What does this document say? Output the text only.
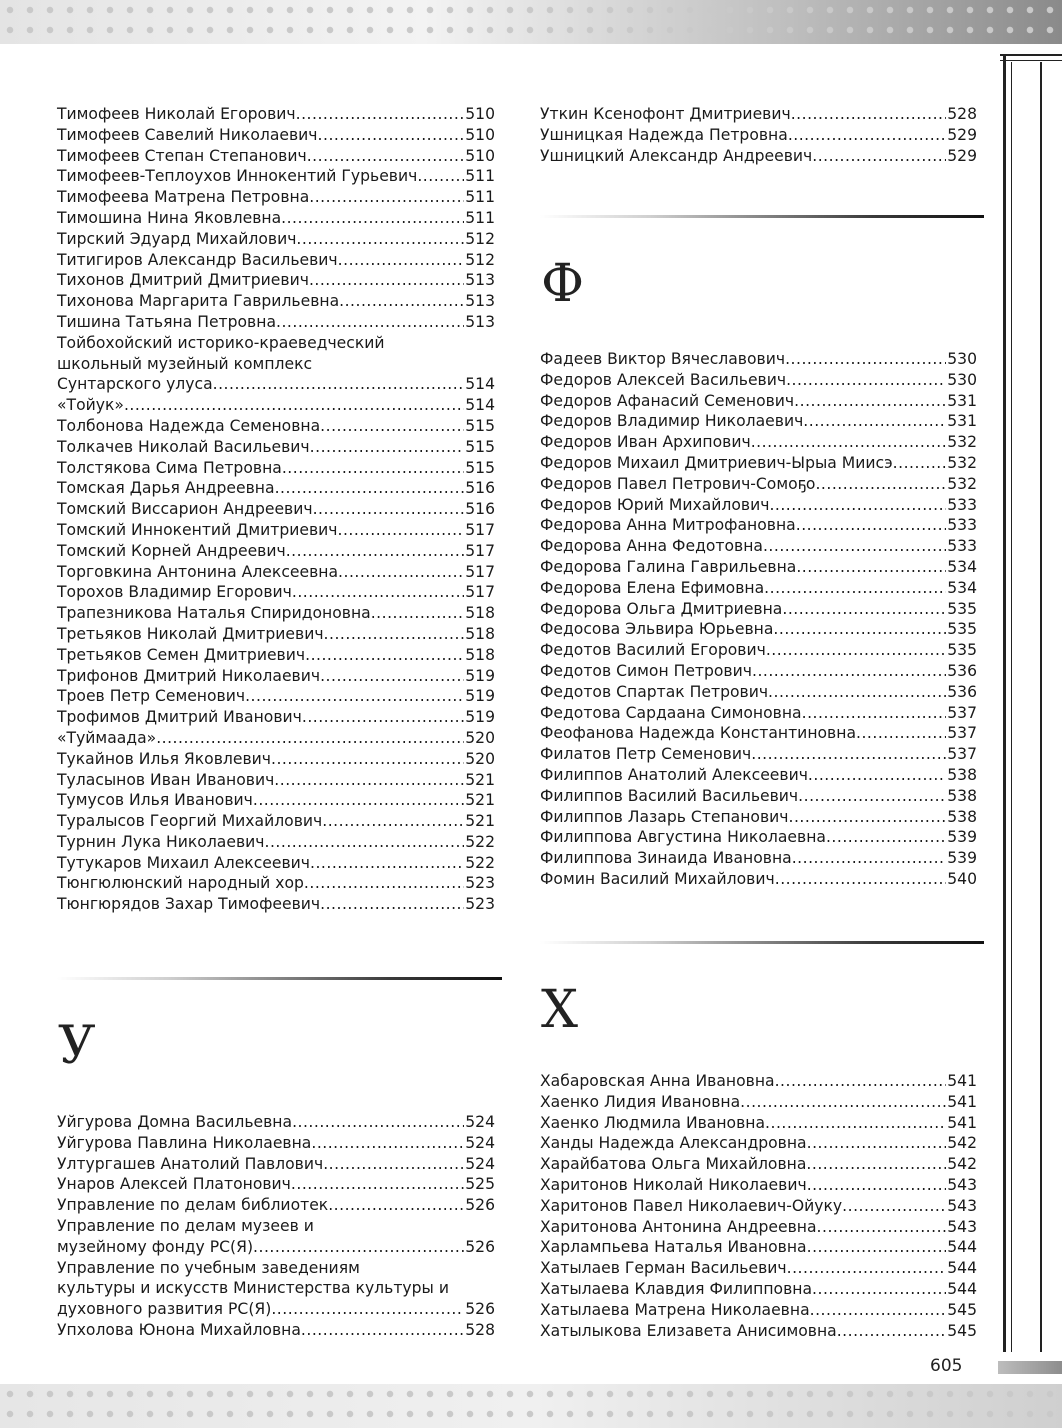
Тимофеев Николай Егорович .....	510
Тимофеев Савелий Николаевич .....	510
Тимофеев Степан Степанович .....	510
Тимофеев-Теплоухов Иннокентий Гурьевич .....	511
Тимофеева Матрена Петровна .....	511
Тимошина Нина Яковлевна .....	511
Тирский Эдуард Михайлович .....	512
Титигиров Александр Васильевич .....	512
Тихонов Дмитрий Дмитриевич .....	513
Тихонова Маргарита Гаврильевна .....	513
Тишина Татьяна Петровна .....	513
Тойбохойский историко-краеведческий
школьный музейный комплекс
Сунтарского улуса .....	514
«Тойук» .....	514
Толбонова Надежда Семеновна .....	515
Толкачев Николай Васильевич .....	515
Толстякова Сима Петровна .....	515
Томская Дарья Андреевна .....	516
Томский Виссарион Андреевич .....	516
Томский Иннокентий Дмитриевич .....	517
Томский Корней Андреевич .....	517
Торговкина Антонина Алексеевна .....	517
Торохов Владимир Егорович .....	517
Трапезникова Наталья Спиридоновна .....	518
Третьяков Николай Дмитриевич .....	518
Третьяков Семен Дмитриевич .....	518
Трифонов Дмитрий Николаевич .....	519
Троев Петр Семенович .....	519
Трофимов Дмитрий Иванович .....	519
«Туймаада» .....	520
Тукайнов Илья Яковлевич .....	520
Туласынов Иван Иванович .....	521
Тумусов Илья Иванович .....	521
Туралысов Георгий Михайлович .....	521
Турнин Лука Николаевич .....	522
Тутукаров Михаил Алексеевич .....	522
Тюнгюлюнский народный хор .....	523
Тюнгюрядов Захар Тимофеевич .....	523
У
Уйгурова Домна Васильевна .....	524
Уйгурова Павлина Николаевна .....	524
Ултургашев Анатолий Павлович .....	524
Унаров Алексей Платонович .....	525
Управление по делам библиотек .....	526
Управление по делам музеев и
музейному фонду РС(Я) .....	526
Управление по учебным заведениям
культуры и искусств Министерства культуры и
духовного развития РС(Я) .....	526
Упхолова Юнона Михайловна .....	528
Уткин Ксенофонт Дмитриевич .....	528
Ушницкая Надежда Петровна .....	529
Ушницкий Александр Андреевич .....	529
Ф
Фадеев Виктор Вячеславович .....	530
Федоров Алексей Васильевич .....	530
Федоров Афанасий Семенович .....	531
Федоров Владимир Николаевич .....	531
Федоров Иван Архипович .....	532
Федоров Михаил Дмитриевич-Ырыа Миисэ .....	532
Федоров Павел Петрович-Сомоҕо .....	532
Федоров Юрий Михайлович .....	533
Федорова Анна Митрофановна .....	533
Федорова Анна Федотовна .....	533
Федорова Галина Гаврильевна .....	534
Федорова Елена Ефимовна .....	534
Федорова Ольга Дмитриевна .....	535
Федосова Эльвира Юрьевна .....	535
Федотов Василий Егорович .....	535
Федотов Симон Петрович .....	536
Федотов Спартак Петрович .....	536
Федотова Сардаана Симоновна .....	537
Феофанова Надежда Константиновна .....	537
Филатов Петр Семенович .....	537
Филиппов Анатолий Алексеевич .....	538
Филиппов Василий Васильевич .....	538
Филиппов Лазарь Степанович .....	538
Филиппова Августина Николаевна .....	539
Филиппова Зинаида Ивановна .....	539
Фомин Василий Михайлович .....	540
Х
Хабаровская Анна Ивановна .....	541
Хаенко Лидия Ивановна .....	541
Хаенко Людмила Ивановна .....	541
Ханды Надежда Александровна .....	542
Харайбатова Ольга Михайловна .....	542
Харитонов Николай Николаевич .....	543
Харитонов Павел Николаевич-Ойуку .....	543
Харитонова Антонина Андреевна .....	543
Харлампьева Наталья Ивановна .....	544
Хатылаев Герман Васильевич .....	544
Хатылаева Клавдия Филипповна .....	544
Хатылаева Матрена Николаевна .....	545
Хатылыкова Елизавета Анисимовна .....	545
605
